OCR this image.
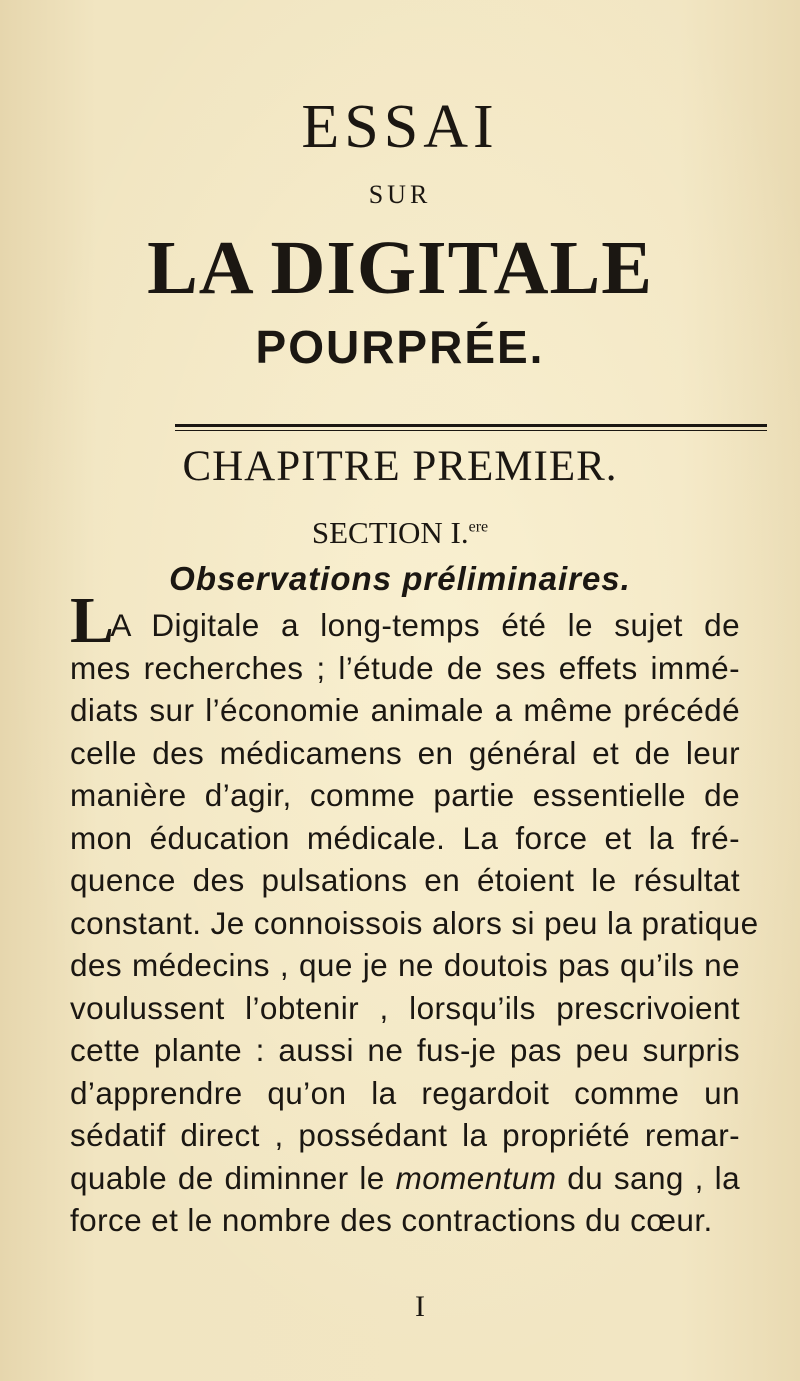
ESSAI
SUR
LA DIGITALE
POURPRÉE.
CHAPITRE PREMIER.
SECTION I.$^{ere}$
Observations préliminaires.
LA Digitale a long-temps été le sujet de
mes recherches ; l’étude de ses effets immé-
diats sur l’économie animale a même précédé
celle des médicamens en général et de leur
manière d’agir, comme partie essentielle de
mon éducation médicale. La force et la fré-
quence des pulsations en étoient le résultat
constant. Je connoissois alors si peu la pratique
des médecins , que je ne doutois pas qu’ils ne
voulussent l’obtenir , lorsqu’ils prescrivoient
cette plante : aussi ne fus-je pas peu surpris
d’apprendre qu’on la regardoit comme un
sédatif direct , possédant la propriété remar-
quable de diminner le momentum du sang , la
force et le nombre des contractions du cœur.
I
